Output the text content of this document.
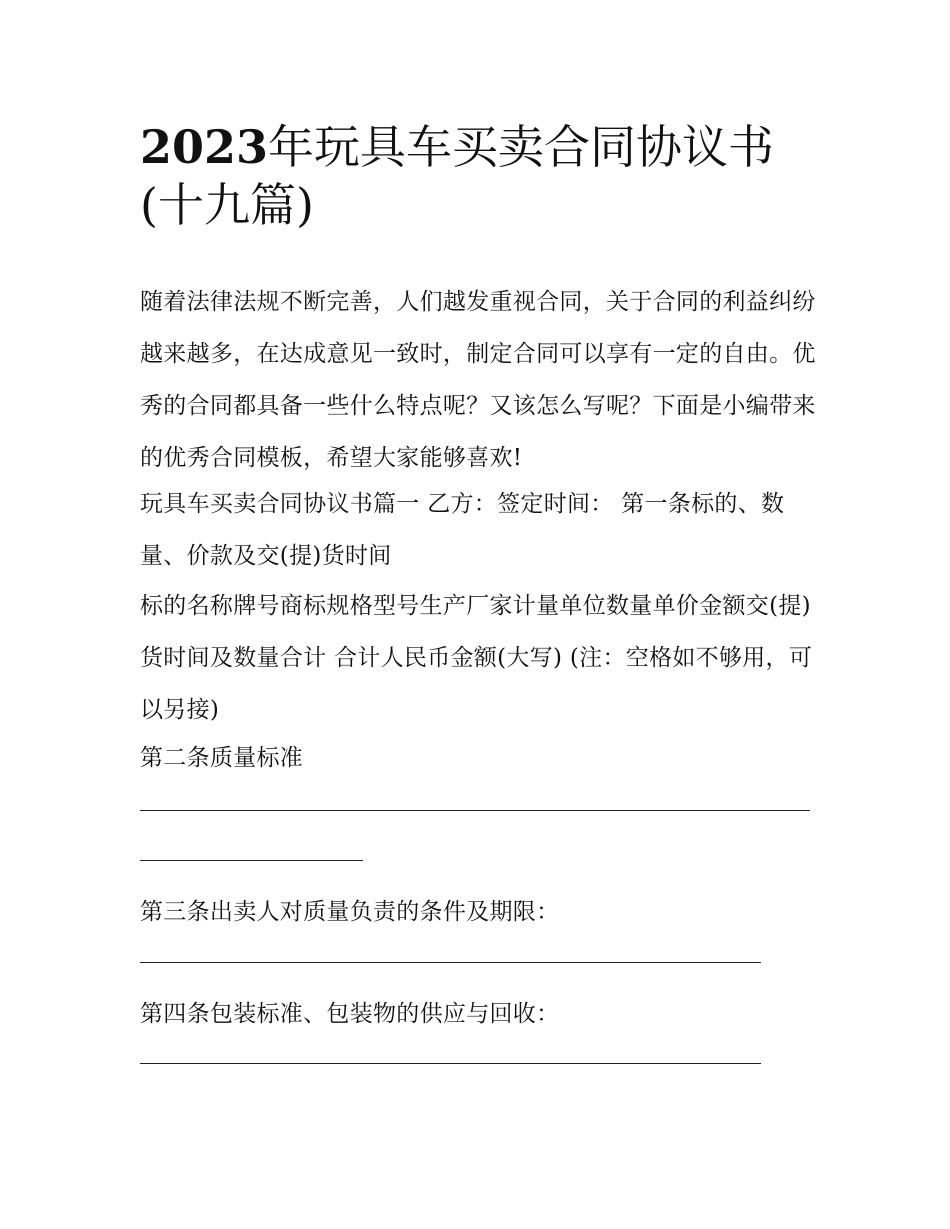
2023年玩具车买卖合同协议书(十九篇)

随着法律法规不断完善，人们越发重视合同，关于合同的利益纠纷越来越多，在达成意见一致时，制定合同可以享有一定的自由。优秀的合同都具备一些什么特点呢？又该怎么写呢？下面是小编带来的优秀合同模板，希望大家能够喜欢!

玩具车买卖合同协议书篇一 乙方：签定时间： 第一条标的、数量、价款及交(提)货时间

标的名称牌号商标规格型号生产厂家计量单位数量单价金额交(提)货时间及数量合计 合计人民币金额(大写) (注：空格如不够用，可以另接)

第二条质量标准

第三条出卖人对质量负责的条件及期限：

第四条包装标准、包装物的供应与回收：
